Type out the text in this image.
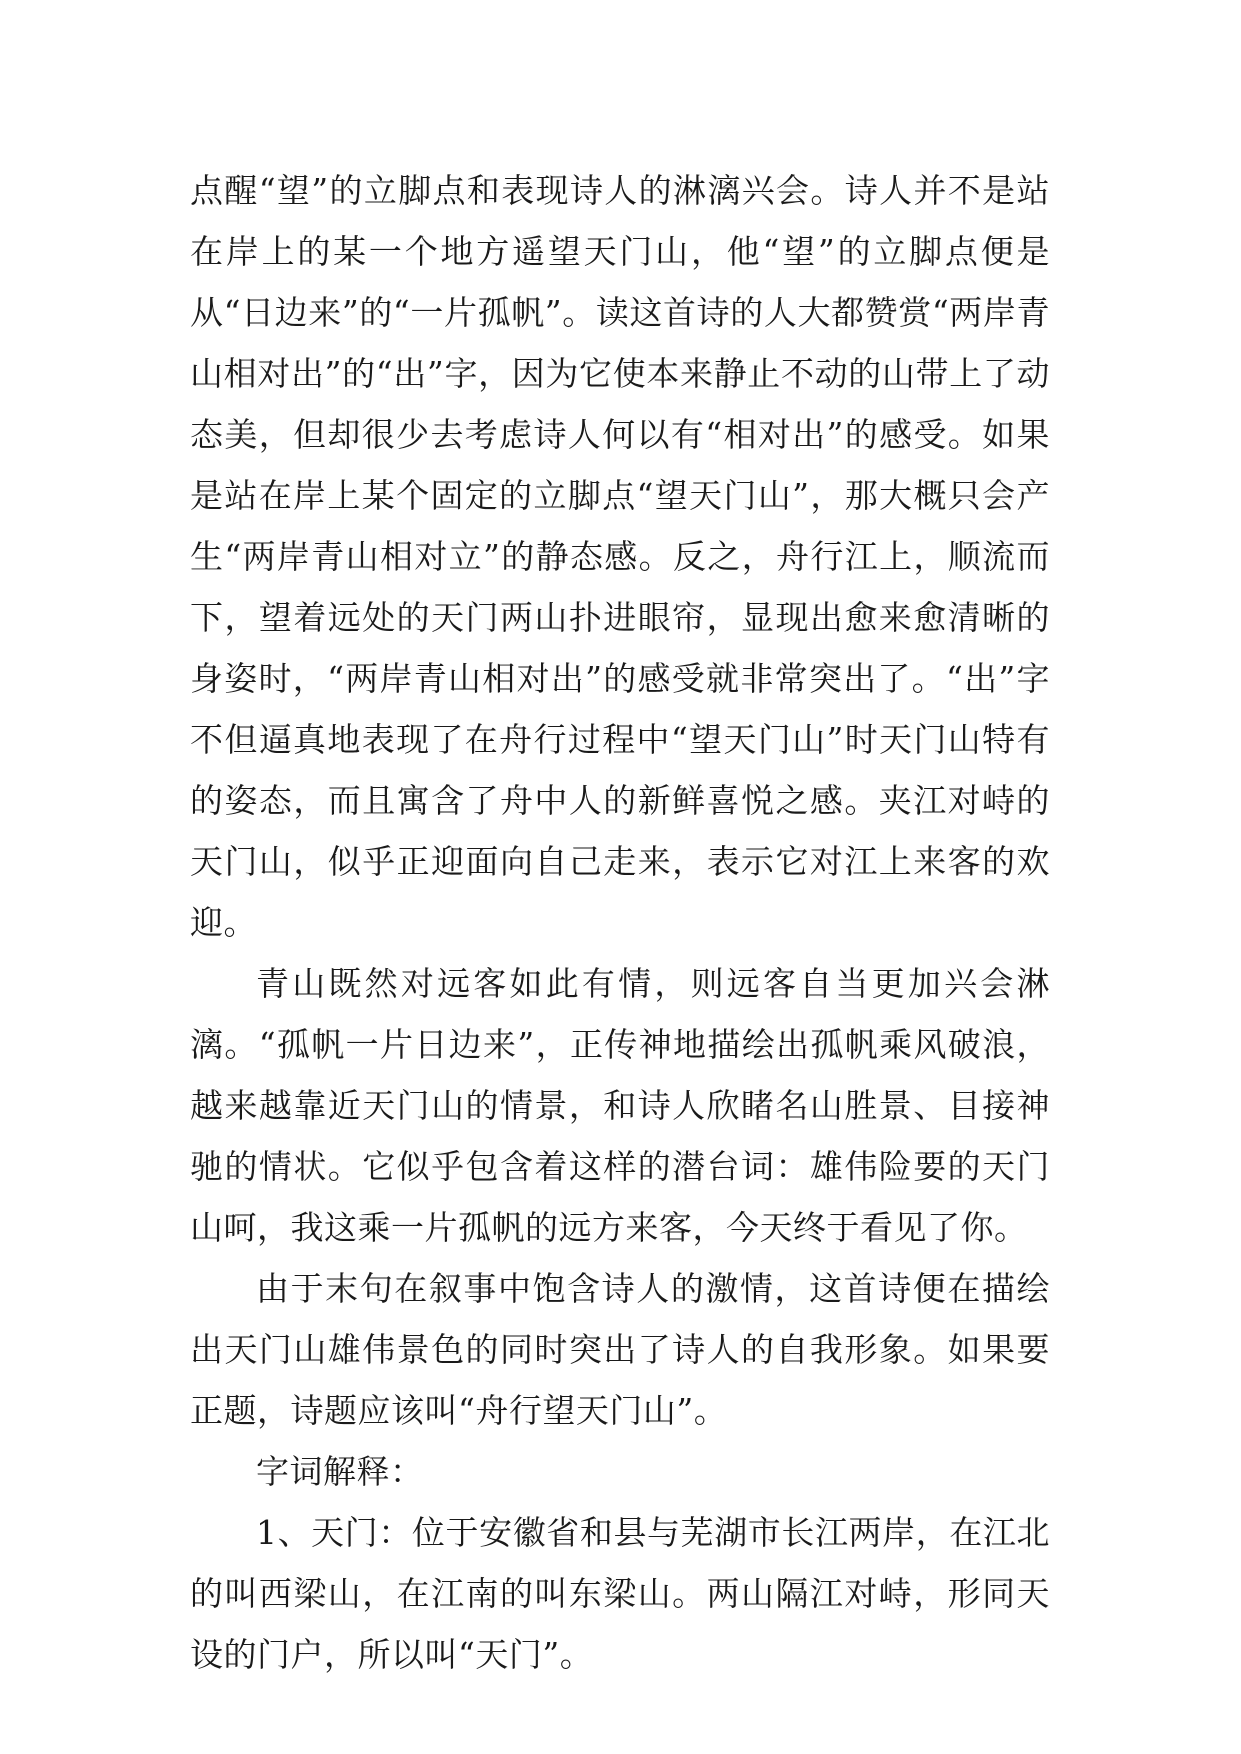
点醒“望”的立脚点和表现诗人的淋漓兴会。诗人并不是站在岸上的某一个地方遥望天门山，他“望”的立脚点便是从“日边来”的“一片孤帆”。读这首诗的人大都赞赏“两岸青山相对出”的“出”字，因为它使本来静止不动的山带上了动态美，但却很少去考虑诗人何以有“相对出”的感受。如果是站在岸上某个固定的立脚点“望天门山”，那大概只会产生“两岸青山相对立”的静态感。反之，舟行江上，顺流而下，望着远处的天门两山扑进眼帘，显现出愈来愈清晰的身姿时，“两岸青山相对出”的感受就非常突出了。“出”字不但逼真地表现了在舟行过程中“望天门山”时天门山特有的姿态，而且寓含了舟中人的新鲜喜悦之感。夹江对峙的天门山，似乎正迎面向自己走来，表示它对江上来客的欢迎。

青山既然对远客如此有情，则远客自当更加兴会淋漓。“孤帆一片日边来”，正传神地描绘出孤帆乘风破浪，越来越靠近天门山的情景，和诗人欣睹名山胜景、目接神驰的情状。它似乎包含着这样的潜台词：雄伟险要的天门山呵，我这乘一片孤帆的远方来客，今天终于看见了你。

由于末句在叙事中饱含诗人的激情，这首诗便在描绘出天门山雄伟景色的同时突出了诗人的自我形象。如果要正题，诗题应该叫“舟行望天门山”。

字词解释：

1、天门：位于安徽省和县与芜湖市长江两岸，在江北的叫西梁山，在江南的叫东梁山。两山隔江对峙，形同天设的门户，所以叫“天门”。
